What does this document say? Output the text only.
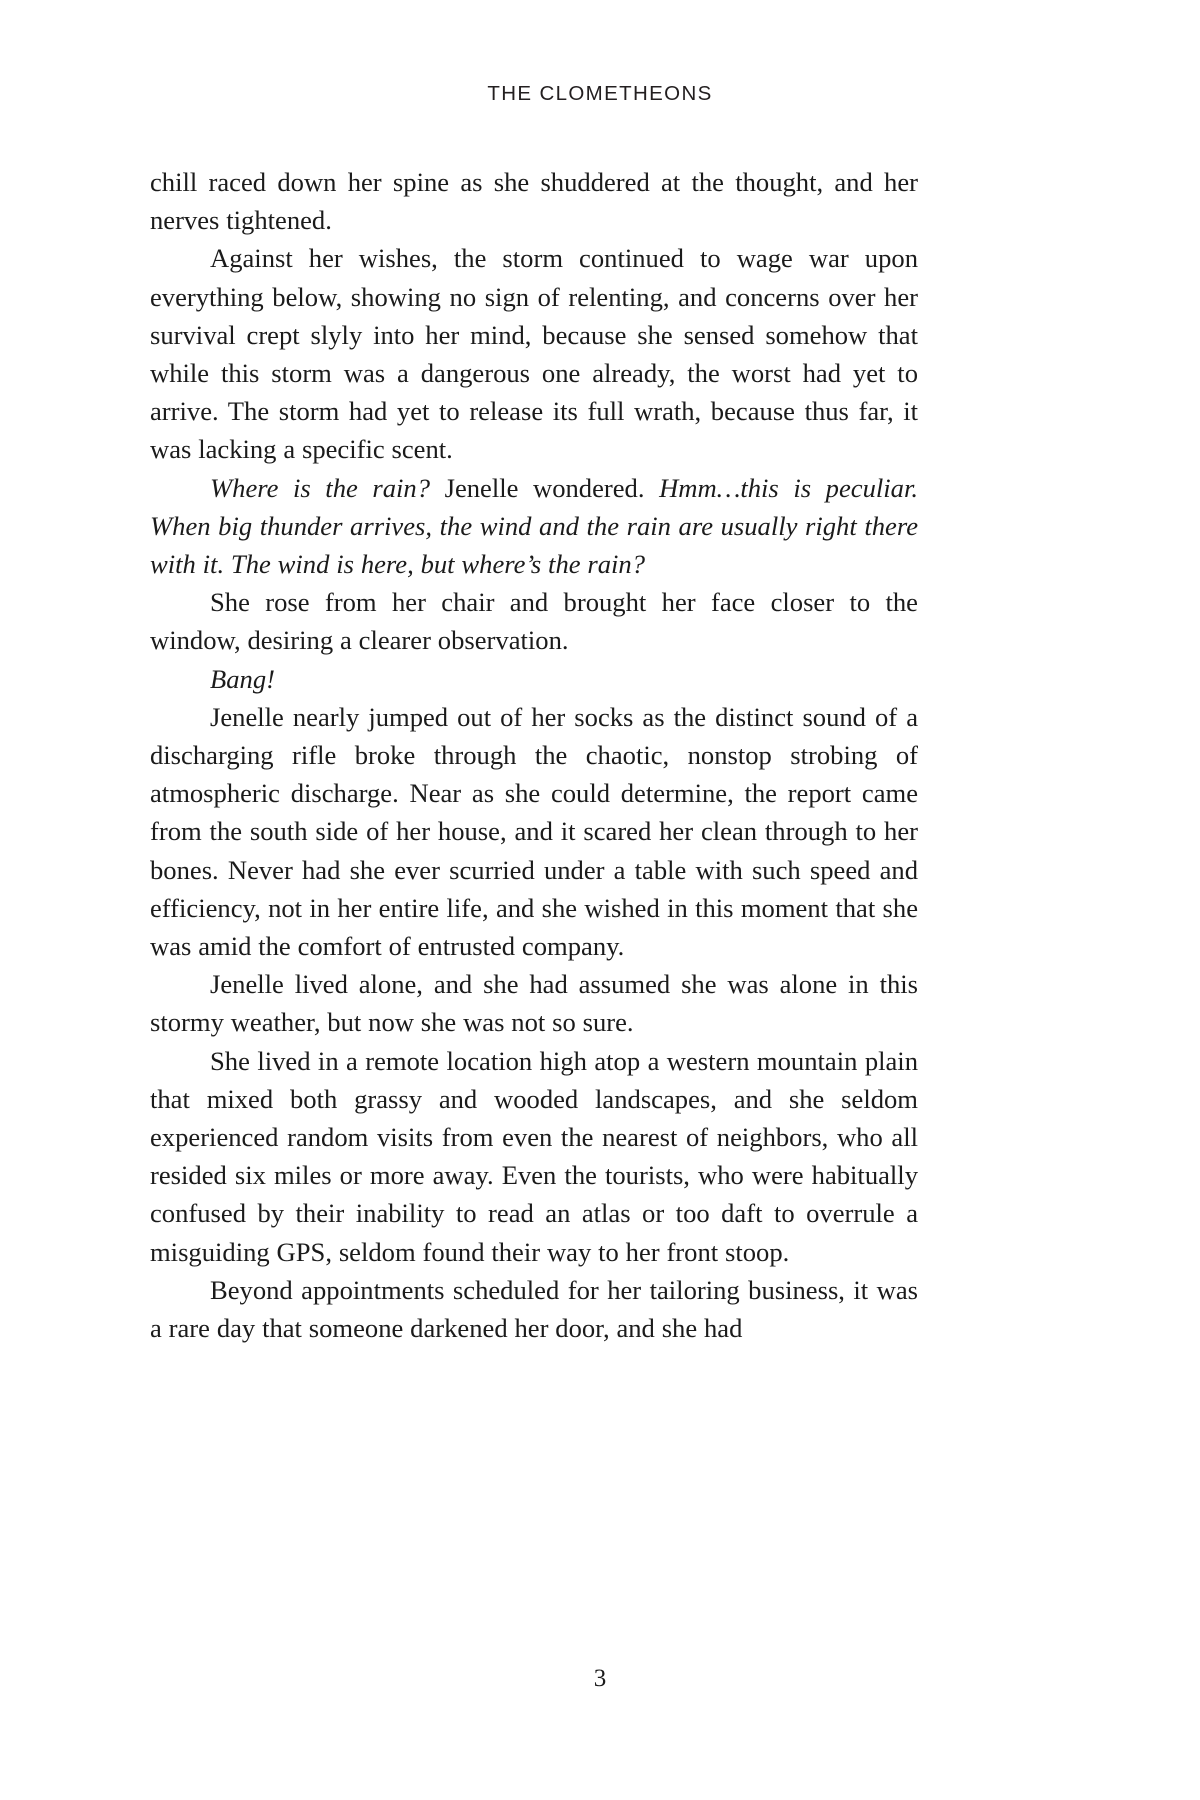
THE CLOMETHEONS

chill raced down her spine as she shuddered at the thought, and her nerves tightened.

Against her wishes, the storm continued to wage war upon everything below, showing no sign of relenting, and concerns over her survival crept slyly into her mind, because she sensed somehow that while this storm was a dangerous one already, the worst had yet to arrive. The storm had yet to release its full wrath, because thus far, it was lacking a specific scent.

Where is the rain? Jenelle wondered. Hmm…this is peculiar. When big thunder arrives, the wind and the rain are usually right there with it. The wind is here, but where’s the rain?

She rose from her chair and brought her face closer to the window, desiring a clearer observation.

Bang!

Jenelle nearly jumped out of her socks as the distinct sound of a discharging rifle broke through the chaotic, nonstop strobing of atmospheric discharge. Near as she could determine, the report came from the south side of her house, and it scared her clean through to her bones. Never had she ever scurried under a table with such speed and efficiency, not in her entire life, and she wished in this moment that she was amid the comfort of entrusted company.

Jenelle lived alone, and she had assumed she was alone in this stormy weather, but now she was not so sure.

She lived in a remote location high atop a western mountain plain that mixed both grassy and wooded landscapes, and she seldom experienced random visits from even the nearest of neighbors, who all resided six miles or more away. Even the tourists, who were habitually confused by their inability to read an atlas or too daft to overrule a misguiding GPS, seldom found their way to her front stoop.

Beyond appointments scheduled for her tailoring business, it was a rare day that someone darkened her door, and she had

3
